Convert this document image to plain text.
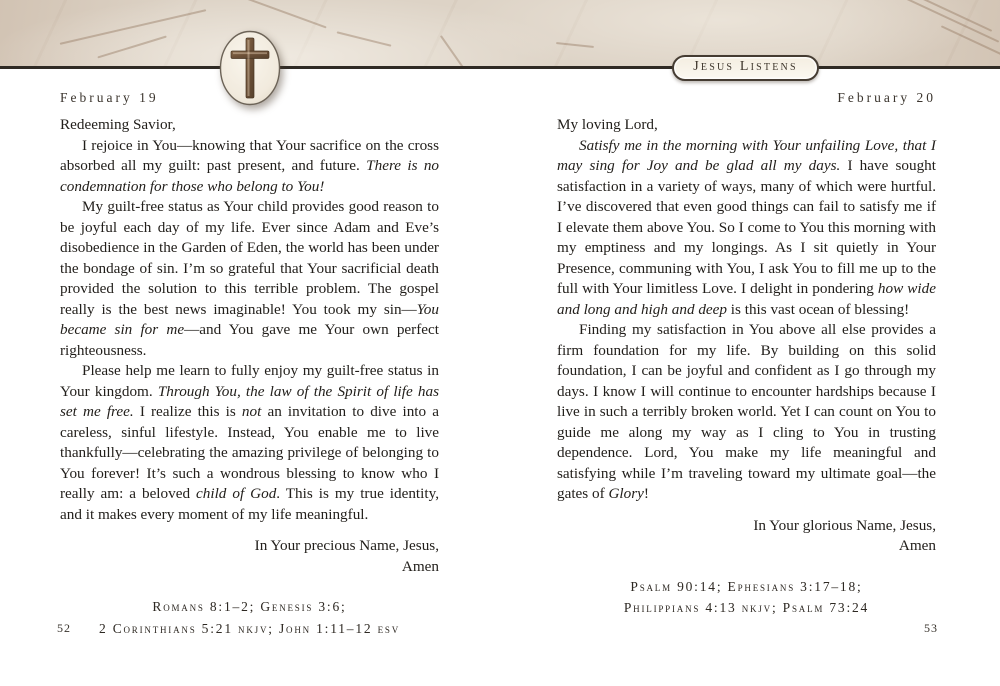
Jesus Listens
February 19	February 20

Redeeming Savior,

I rejoice in You—knowing that Your sacrifice on the cross absorbed all my guilt: past present, and future. There is no condemnation for those who belong to You!

My guilt-free status as Your child provides good reason to be joyful each day of my life. Ever since Adam and Eve’s disobedience in the Garden of Eden, the world has been under the bondage of sin. I’m so grateful that Your sacrificial death provided the solution to this terrible problem. The gospel really is the best news imaginable! You took my sin—You became sin for me—and You gave me Your own perfect righteousness.

Please help me learn to fully enjoy my guilt-free status in Your kingdom. Through You, the law of the Spirit of life has set me free. I realize this is not an invitation to dive into a careless, sinful lifestyle. Instead, You enable me to live thankfully—celebrating the amazing privilege of belonging to You forever! It’s such a wondrous blessing to know who I really am: a beloved child of God. This is my true identity, and it makes every moment of my life meaningful.

In Your precious Name, Jesus,
Amen
Romans 8:1–2; Genesis 3:6;
2 Corinthians 5:21 nkjv; John 1:11–12 esv

My loving Lord,

Satisfy me in the morning with Your unfailing Love, that I may sing for Joy and be glad all my days. I have sought satisfaction in a variety of ways, many of which were hurtful. I’ve discovered that even good things can fail to satisfy me if I elevate them above You. So I come to You this morning with my emptiness and my longings. As I sit quietly in Your Presence, communing with You, I ask You to fill me up to the full with Your limitless Love. I delight in pondering how wide and long and high and deep is this vast ocean of blessing!

Finding my satisfaction in You above all else provides a firm foundation for my life. By building on this solid foundation, I can be joyful and confident as I go through my days. I know I will continue to encounter hardships because I live in such a terribly broken world. Yet I can count on You to guide me along my way as I cling to You in trusting dependence. Lord, You make my life meaningful and satisfying while I’m traveling toward my ultimate goal—the gates of Glory!

In Your glorious Name, Jesus,
Amen
Psalm 90:14; Ephesians 3:17–18;
Philippians 4:13 nkjv; Psalm 73:24
52	53
